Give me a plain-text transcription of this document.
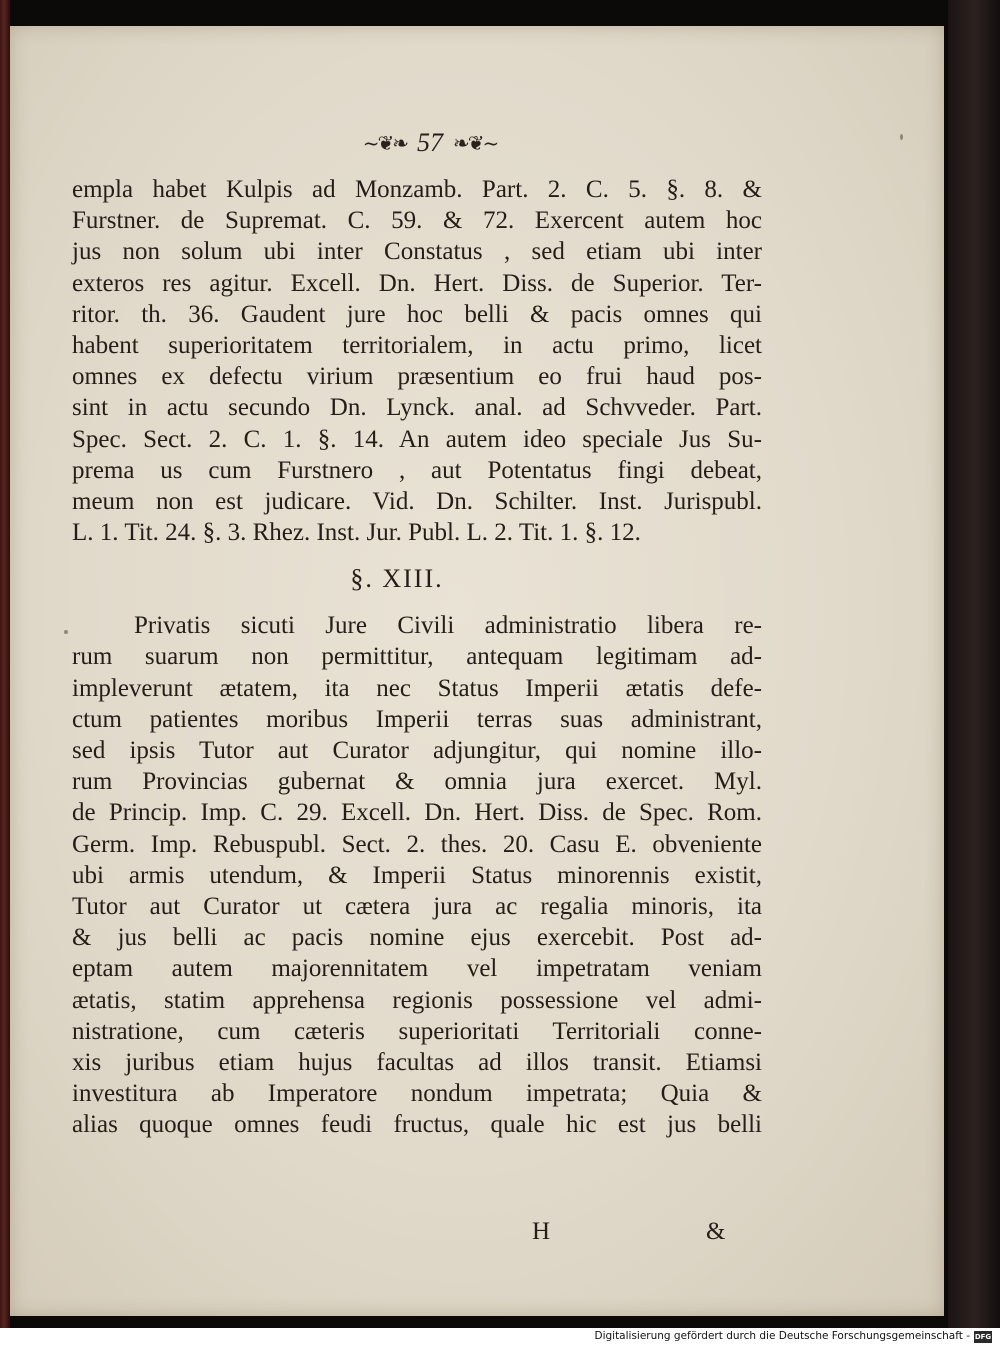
~❦❧ 57 ❧❦~
empla habet Kulpis ad Monzamb. Part. 2. C. 5. §. 8. &
Furstner. de Supremat. C. 59. & 72. Exercent autem hoc
jus non solum ubi inter Constatus , sed etiam ubi inter
exteros res agitur. Excell. Dn. Hert. Diss. de Superior. Ter-
ritor. th. 36. Gaudent jure hoc belli & pacis omnes qui
habent superioritatem territorialem, in actu primo, licet
omnes ex defectu virium præsentium eo frui haud pos-
sint in actu secundo Dn. Lynck. anal. ad Schvveder. Part.
Spec. Sect. 2. C. 1. §. 14. An autem ideo speciale Jus Su-
prema us cum Furstnero , aut Potentatus fingi debeat,
meum non est judicare. Vid. Dn. Schilter. Inst. Jurispubl.
L. 1. Tit. 24. §. 3. Rhez. Inst. Jur. Publ. L. 2. Tit. 1. §. 12.
§. XIII.
Privatis sicuti Jure Civili administratio libera re-
rum suarum non permittitur, antequam legitimam ad-
impleverunt ætatem, ita nec Status Imperii ætatis defe-
ctum patientes moribus Imperii terras suas administrant,
sed ipsis Tutor aut Curator adjungitur, qui nomine illo-
rum Provincias gubernat & omnia jura exercet. Myl.
de Princip. Imp. C. 29. Excell. Dn. Hert. Diss. de Spec. Rom.
Germ. Imp. Rebuspubl. Sect. 2. thes. 20. Casu E. obveniente
ubi armis utendum, & Imperii Status minorennis existit,
Tutor aut Curator ut cætera jura ac regalia minoris, ita
& jus belli ac pacis nomine ejus exercebit. Post ad-
eptam autem majorennitatem vel impetratam veniam
ætatis, statim apprehensa regionis possessione vel admi-
nistratione, cum cæteris superioritati Territoriali conne-
xis juribus etiam hujus facultas ad illos transit. Etiamsi
investitura ab Imperatore nondum impetrata; Quia &
alias quoque omnes feudi fructus, quale hic est jus belli
H	&
Digitalisierung gefördert durch die Deutsche Forschungsgemeinschaft - DFG
